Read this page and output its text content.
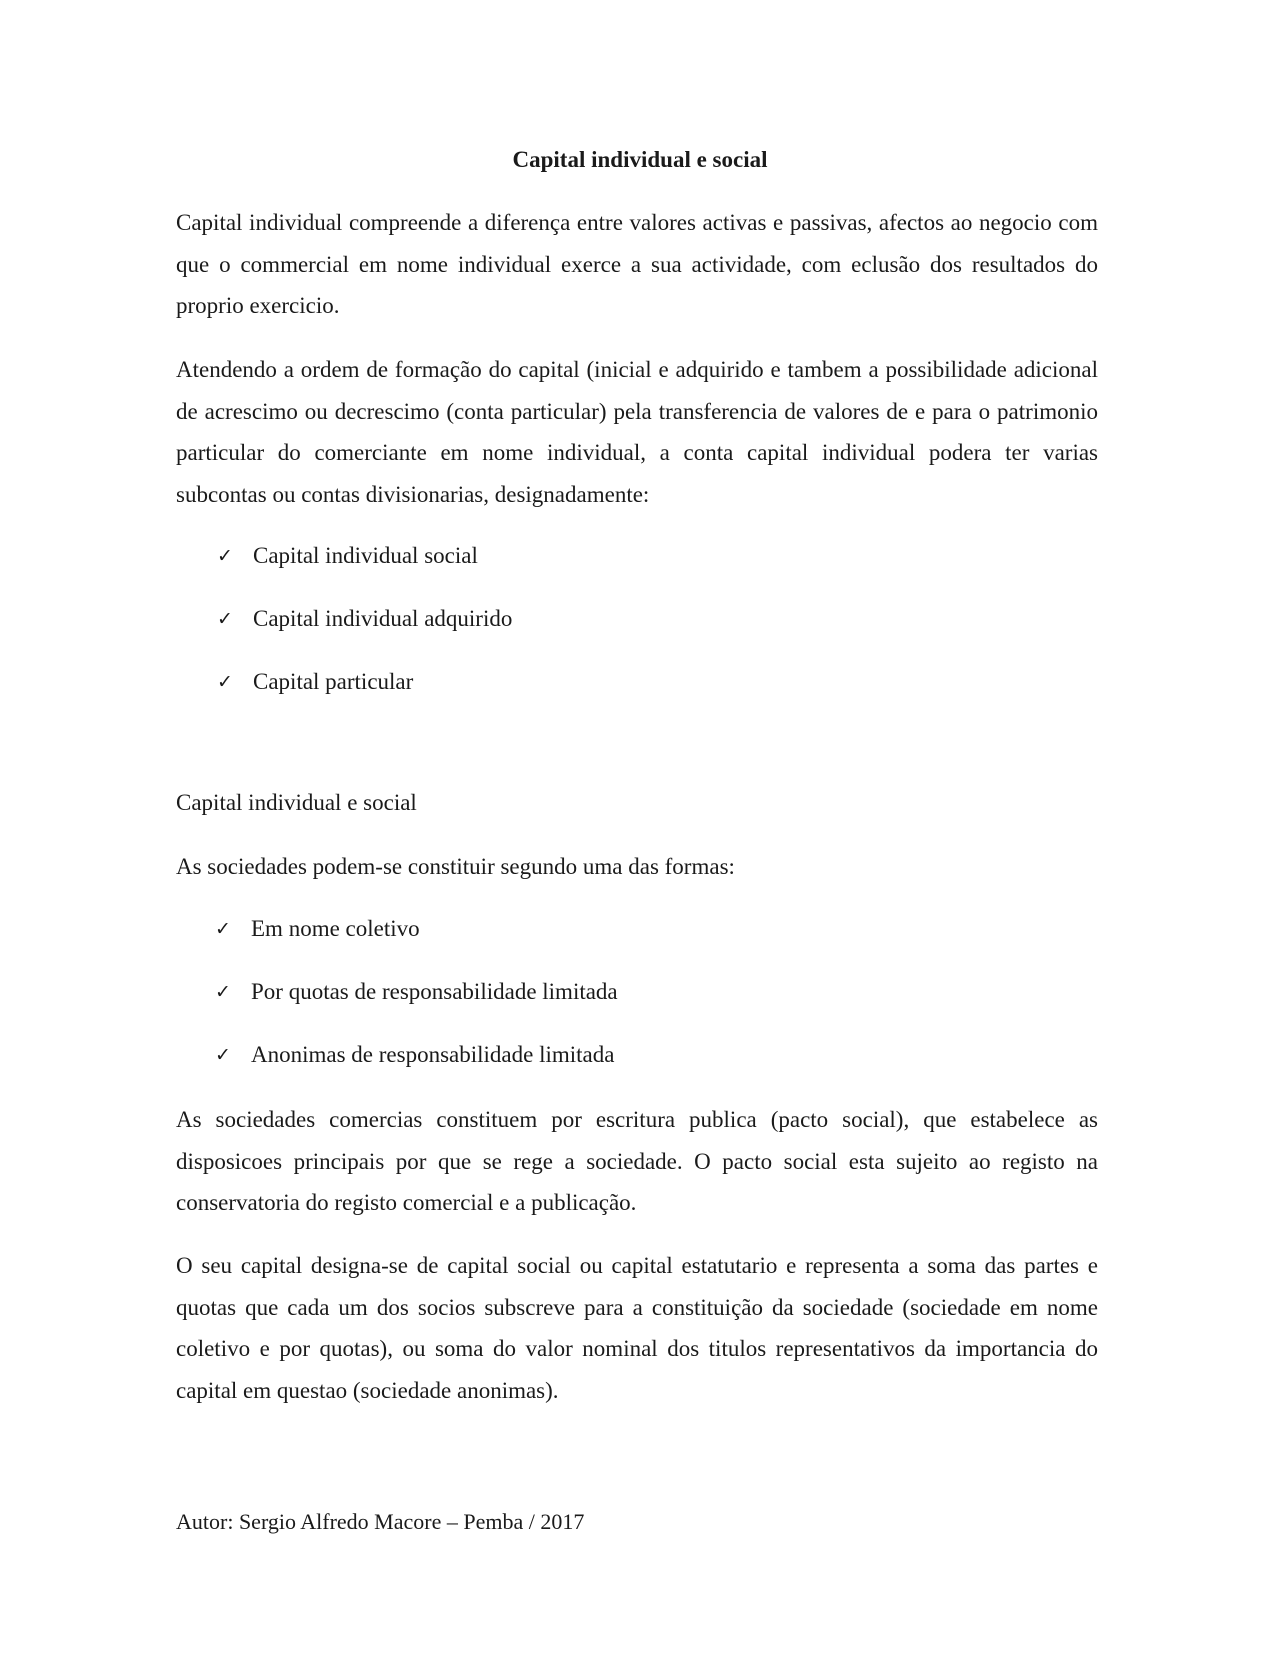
Capital individual e social

Capital individual compreende a diferença entre valores activas e passivas, afectos ao negocio com que o commercial em nome individual exerce a sua actividade, com eclusão dos resultados do proprio exercicio.

Atendendo a ordem de formação do capital (inicial e adquirido e tambem a possibilidade adicional de acrescimo ou decrescimo (conta particular) pela transferencia de valores de e para o patrimonio particular do comerciante em nome individual, a conta capital individual podera ter varias subcontas ou contas divisionarias, designadamente:

✓ Capital individual social
✓ Capital individual adquirido
✓ Capital particular
Capital individual e social
As sociedades podem-se constituir segundo uma das formas:
✓ Em nome coletivo
✓ Por quotas de responsabilidade limitada
✓ Anonimas de responsabilidade limitada

As sociedades comercias constituem por escritura publica (pacto social), que estabelece as disposicoes principais por que se rege a sociedade. O pacto social esta sujeito ao registo na conservatoria do registo comercial e a publicação.

O seu capital designa-se de capital social ou capital estatutario e representa a soma das partes e quotas que cada um dos socios subscreve para a constituição da sociedade (sociedade em nome coletivo e por quotas), ou soma do valor nominal dos titulos representativos da importancia do capital em questao (sociedade anonimas).

Autor: Sergio Alfredo Macore – Pemba / 2017
